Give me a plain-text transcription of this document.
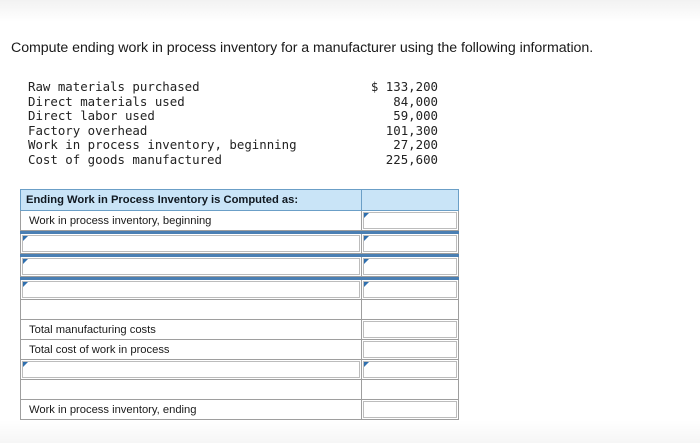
Compute ending work in process inventory for a manufacturer using the following information.
Raw materials purchased	$ 133,200
Direct materials used	84,000
Direct labor used	59,000
Factory overhead	101,300
Work in process inventory, beginning	27,200
Cost of goods manufactured	225,600
Ending Work in Process Inventory is Computed as:	
Work in process inventory, beginning	

Total manufacturing costs	

Total cost of work in process	

Work in process inventory, ending	
